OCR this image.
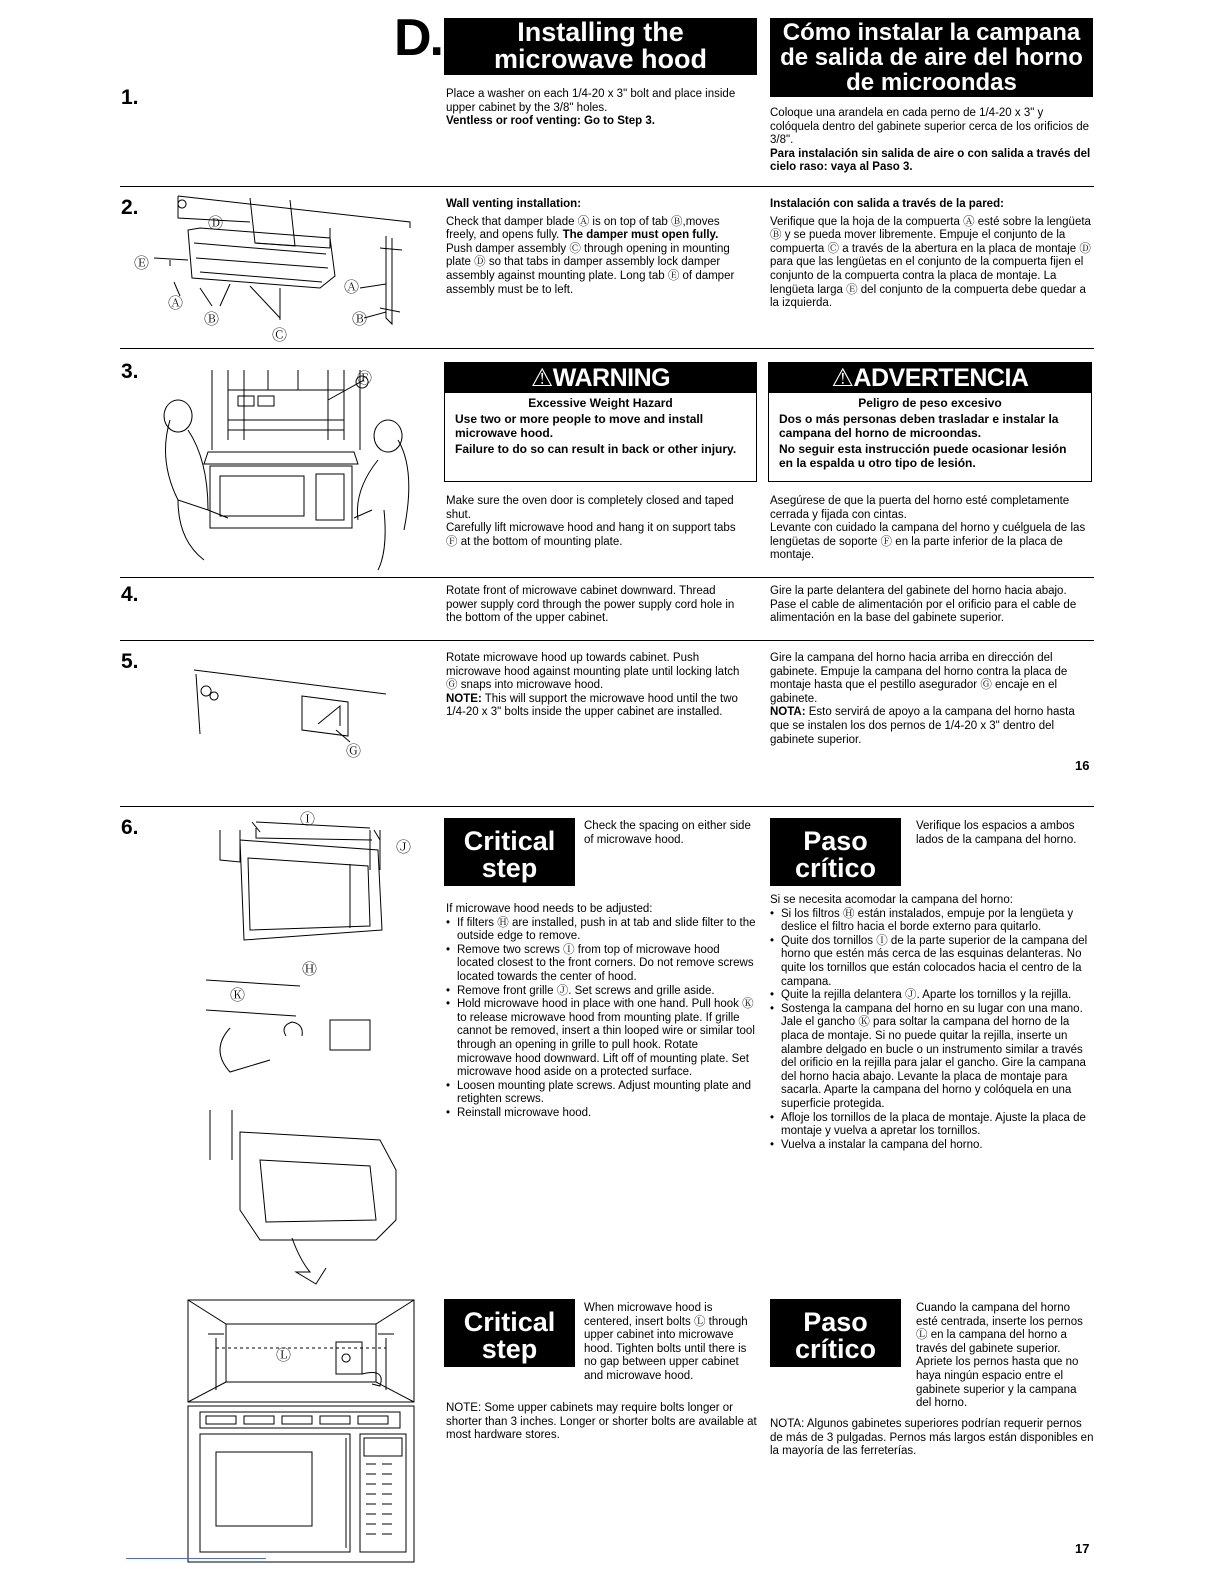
D.	Installing the
microwave hood
Cómo instalar la campana
de salida de aire del horno
de microondas
1.	Place a washer on each 1/4-20 x 3" bolt and place inside upper cabinet by the 3/8" holes.

Ventless or roof venting: Go to Step 3.

Coloque una arandela en cada perno de 1/4-20 x 3" y colóquela dentro del gabinete superior cerca de los orificios de 3/8".

Para instalación sin salida de aire o con salida a través del cielo raso: vaya al Paso 3.

2.
Ⓓ
Ⓔ
Ⓐ
Ⓑ
Ⓒ
Ⓐ
Ⓑ

Wall venting installation:

Check that damper blade Ⓐ is on top of tab Ⓑ,moves freely, and opens fully. The damper must open fully. Push damper assembly Ⓒ through opening in mounting plate Ⓓ so that tabs in damper assembly lock damper assembly against mounting plate. Long tab Ⓔ of damper assembly must be to left.

Instalación con salida a través de la pared:

Verifique que la hoja de la compuerta Ⓐ esté sobre la lengüeta Ⓑ y se pueda mover libremente. Empuje el conjunto de la compuerta Ⓒ a través de la abertura en la placa de montaje Ⓓ para que las lengüetas en el conjunto de la compuerta fijen el conjunto de la compuerta contra la placa de montaje. La lengüeta larga Ⓔ del conjunto de la compuerta debe quedar a la izquierda.

3.	Ⓕ	⚠WARNING
Excessive Weight Hazard

Use two or more people to move and install microwave hood.

Failure to do so can result in back or other injury.

⚠ADVERTENCIA
Peligro de peso excesivo

Dos o más personas deben trasladar e instalar la campana del horno de microondas.

No seguir esta instrucción puede ocasionar lesión en la espalda u otro tipo de lesión.

Make sure the oven door is completely closed and taped shut.

Carefully lift microwave hood and hang it on support tabs Ⓕ at the bottom of mounting plate.

Asegúrese de que la puerta del horno esté completamente cerrada y fijada con cintas.

Levante con cuidado la campana del horno y cuélguela de las lengüetas de soporte Ⓕ en la parte inferior de la placa de montaje.

4.	Rotate front of microwave cabinet downward. Thread power supply cord through the power supply cord hole in the bottom of the upper cabinet.

Gire la parte delantera del gabinete del horno hacia abajo. Pase el cable de alimentación por el orificio para el cable de alimentación en la base del gabinete superior.

5.
Ⓖ

Rotate microwave hood up towards cabinet. Push microwave hood against mounting plate until locking latch Ⓖ snaps into microwave hood.

NOTE: This will support the microwave hood until the two 1/4-20 x 3" bolts inside the upper cabinet are installed.

Gire la campana del horno hacia arriba en dirección del gabinete. Empuje la campana del horno contra la placa de montaje hasta que el pestillo asegurador Ⓖ encaje en el gabinete.

NOTA: Esto servirá de apoyo a la campana del horno hasta que se instalen los dos pernos de 1/4-20 x 3" dentro del gabinete superior.

16
6.	Ⓘ
Ⓙ
Ⓗ
Ⓚ
Critical
step

Check the spacing on either side of microwave hood.	Paso
crítico

Verifique los espacios a ambos lados de la campana del horno.

If microwave hood needs to be adjusted:

• If filters Ⓗ are installed, push in at tab and slide filter to the outside edge to remove.
• Remove two screws Ⓘ from top of microwave hood located closest to the front corners. Do not remove screws located towards the center of hood.
• Remove front grille Ⓙ. Set screws and grille aside.
• Hold microwave hood in place with one hand. Pull hook Ⓚ to release microwave hood from mounting plate. If grille cannot be removed, insert a thin looped wire or similar tool through an opening in grille to pull hook. Rotate microwave hood downward. Lift off of mounting plate. Set microwave hood aside on a protected surface.
• Loosen mounting plate screws. Adjust mounting plate and retighten screws.
• Reinstall microwave hood.

Si se necesita acomodar la campana del horno:

• Si los filtros Ⓗ están instalados, empuje por la lengüeta y deslice el filtro hacia el borde externo para quitarlo.
• Quite dos tornillos Ⓘ de la parte superior de la campana del horno que estén más cerca de las esquinas delanteras. No quite los tornillos que están colocados hacia el centro de la campana.
• Quite la rejilla delantera Ⓙ. Aparte los tornillos y la rejilla.
• Sostenga la campana del horno en su lugar con una mano. Jale el gancho Ⓚ para soltar la campana del horno de la placa de montaje. Si no puede quitar la rejilla, inserte un alambre delgado en bucle o un instrumento similar a través del orificio en la rejilla para jalar el gancho. Gire la campana del horno hacia abajo. Levante la placa de montaje para sacarla. Aparte la campana del horno y colóquela en una superficie protegida.
• Afloje los tornillos de la placa de montaje. Ajuste la placa de montaje y vuelva a apretar los tornillos.
• Vuelva a instalar la campana del horno.
Ⓛ
Critical
step

When microwave hood is centered, insert bolts Ⓛ through upper cabinet into microwave hood. Tighten bolts until there is no gap between upper cabinet and microwave hood.

NOTE: Some upper cabinets may require bolts longer or shorter than 3 inches. Longer or shorter bolts are available at most hardware stores.

Paso
crítico

Cuando la campana del horno esté centrada, inserte los pernos Ⓛ en la campana del horno a través del gabinete superior. Apriete los pernos hasta que no haya ningún espacio entre el gabinete superior y la campana del horno.

NOTA: Algunos gabinetes superiores podrían requerir pernos de más de 3 pulgadas. Pernos más largos están disponibles en la mayoría de las ferreterías.

17
